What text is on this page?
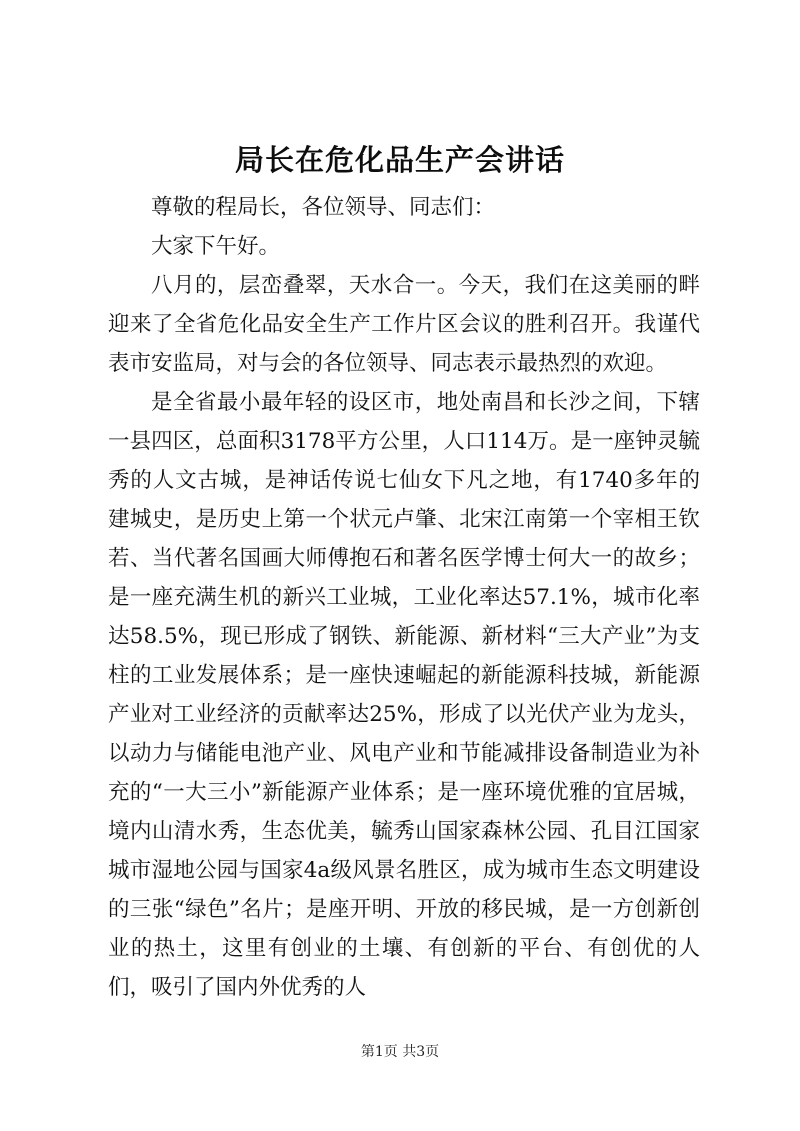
局长在危化品生产会讲话

尊敬的程局长，各位领导、同志们：

大家下午好。

八月的，层峦叠翠，天水合一。今天，我们在这美丽的畔迎来了全省危化品安全生产工作片区会议的胜利召开。我谨代表市安监局，对与会的各位领导、同志表示最热烈的欢迎。

是全省最小最年轻的设区市，地处南昌和长沙之间，下辖一县四区，总面积3178平方公里，人口114万。是一座钟灵毓秀的人文古城，是神话传说七仙女下凡之地，有1740多年的建城史，是历史上第一个状元卢肇、北宋江南第一个宰相王钦若、当代著名国画大师傅抱石和著名医学博士何大一的故乡；是一座充满生机的新兴工业城，工业化率达57.1%，城市化率达58.5%，现已形成了钢铁、新能源、新材料“三大产业”为支柱的工业发展体系；是一座快速崛起的新能源科技城，新能源产业对工业经济的贡献率达25%，形成了以光伏产业为龙头，以动力与储能电池产业、风电产业和节能减排设备制造业为补充的“一大三小”新能源产业体系；是一座环境优雅的宜居城，境内山清水秀，生态优美，毓秀山国家森林公园、孔目江国家城市湿地公园与国家4a级风景名胜区，成为城市生态文明建设的三张“绿色”名片；是座开明、开放的移民城，是一方创新创业的热土，这里有创业的土壤、有创新的平台、有创优的人们，吸引了国内外优秀的人

第1页 共3页
